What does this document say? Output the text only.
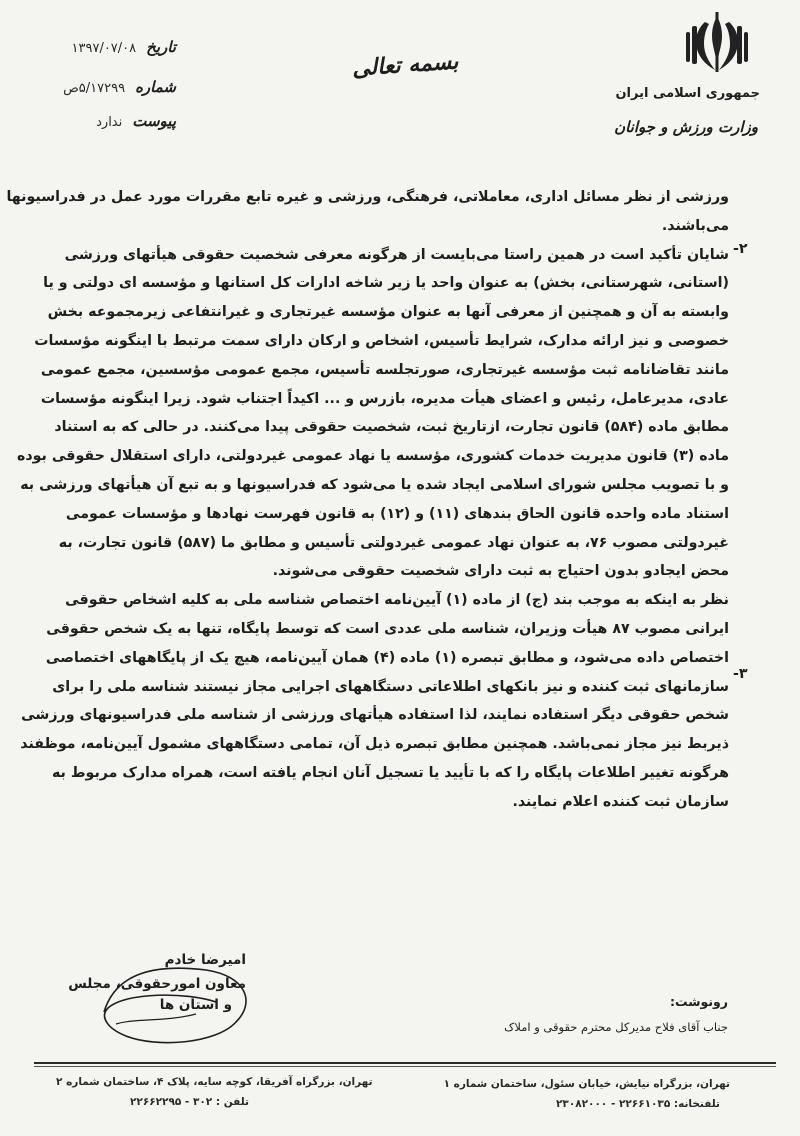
جمهوری اسلامی ایران
وزارت ورزش و جوانان
بسمه تعالی
تاریخ
۱۳۹۷/۰۷/۰۸
شماره
۵/۱۷۲۹۹ص
پیوست
ندارد
ورزشی از نظر مسائل اداری، معاملاتی، فرهنگی، ورزشی و غیره تابع مقررات مورد عمل در فدراسیونها
می‌باشند.
شایان تأکید است در همین راستا می‌بایست از هرگونه معرفی شخصیت حقوقی هیأتهای ورزشی
(استانی، شهرستانی، بخش) به عنوان واحد یا زیر شاخه ادارات کل استانها و مؤسسه ای دولتی و یا
وابسته به آن و همچنین از معرفی آنها به عنوان مؤسسه غیرتجاری و غیرانتفاعی زیرمجموعه بخش
خصوصی و نیز ارائه مدارک، شرایط تأسیس، اشخاص و ارکان دارای سمت مرتبط با اینگونه مؤسسات
مانند تقاضانامه ثبت مؤسسه غیرتجاری، صورتجلسه تأسیس، مجمع عمومی مؤسسین، مجمع عمومی
عادی، مدیرعامل، رئیس و اعضای هیأت مدیره، بازرس و ... اکیداً اجتناب شود. زیرا اینگونه مؤسسات
مطابق ماده (۵۸۴) قانون تجارت، ازتاریخ ثبت، شخصیت حقوقی پیدا می‌کنند. در حالی که به استناد
ماده (۳) قانون مدیریت خدمات کشوری، مؤسسه یا نهاد عمومی غیردولتی، دارای استقلال حقوقی بوده
و با تصویب مجلس شورای اسلامی ایجاد شده یا می‌شود که فدراسیونها و به تبع آن هیأتهای ورزشی به
استناد ماده واحده قانون الحاق بندهای (۱۱) و (۱۲) به قانون فهرست نهادها و مؤسسات عمومی
غیردولتی مصوب ۷۶، به عنوان نهاد عمومی غیردولتی تأسیس و مطابق ما (۵۸۷) قانون تجارت، به
محض ایجادو بدون احتیاج به ثبت دارای شخصیت حقوقی می‌شوند.
نظر به اینکه به موجب بند (ج) از ماده (۱) آیین‌نامه اختصاص شناسه ملی به کلیه اشخاص حقوقی
ایرانی مصوب ۸۷ هیأت وزیران، شناسه ملی عددی است که توسط پایگاه، تنها به یک شخص حقوقی
اختصاص داده می‌شود، و مطابق تبصره (۱) ماده (۴) همان آیین‌نامه، هیچ یک از پایگاههای اختصاصی
سازمانهای ثبت کننده و نیز بانکهای اطلاعاتی دستگاههای اجرایی مجاز نیستند شناسه ملی را برای
شخص حقوقی دیگر استفاده نمایند، لذا استفاده هیأتهای ورزشی از شناسه ملی فدراسیونهای ورزشی
ذیربط نیز مجاز نمی‌باشد. همچنین مطابق تبصره ذیل آن، تمامی دستگاههای مشمول آیین‌نامه، موظفند
هرگونه تغییر اطلاعات پایگاه را که با تأیید یا تسجیل آنان انجام یافته است، همراه مدارک مربوط به
سازمان ثبت کننده اعلام نمایند.
۲-
۳-
امیرضا خادم
معاون امورحقوقی، مجلس
و استان ها	رونوشت:
جناب آقای فلاح مدیرکل محترم حقوقی و املاک
تهران، بزرگراه نیایش، خیابان سئول، ساختمان شماره ۱
تلفنخانه: ۲۲۶۶۱۰۳۵ - ۲۳۰۸۲۰۰۰
تهران، بزرگراه آفریقا، کوچه سایه، پلاک ۴، ساختمان شماره ۲
تلفن : ۳۰۲ - ۲۲۶۶۲۲۹۵
